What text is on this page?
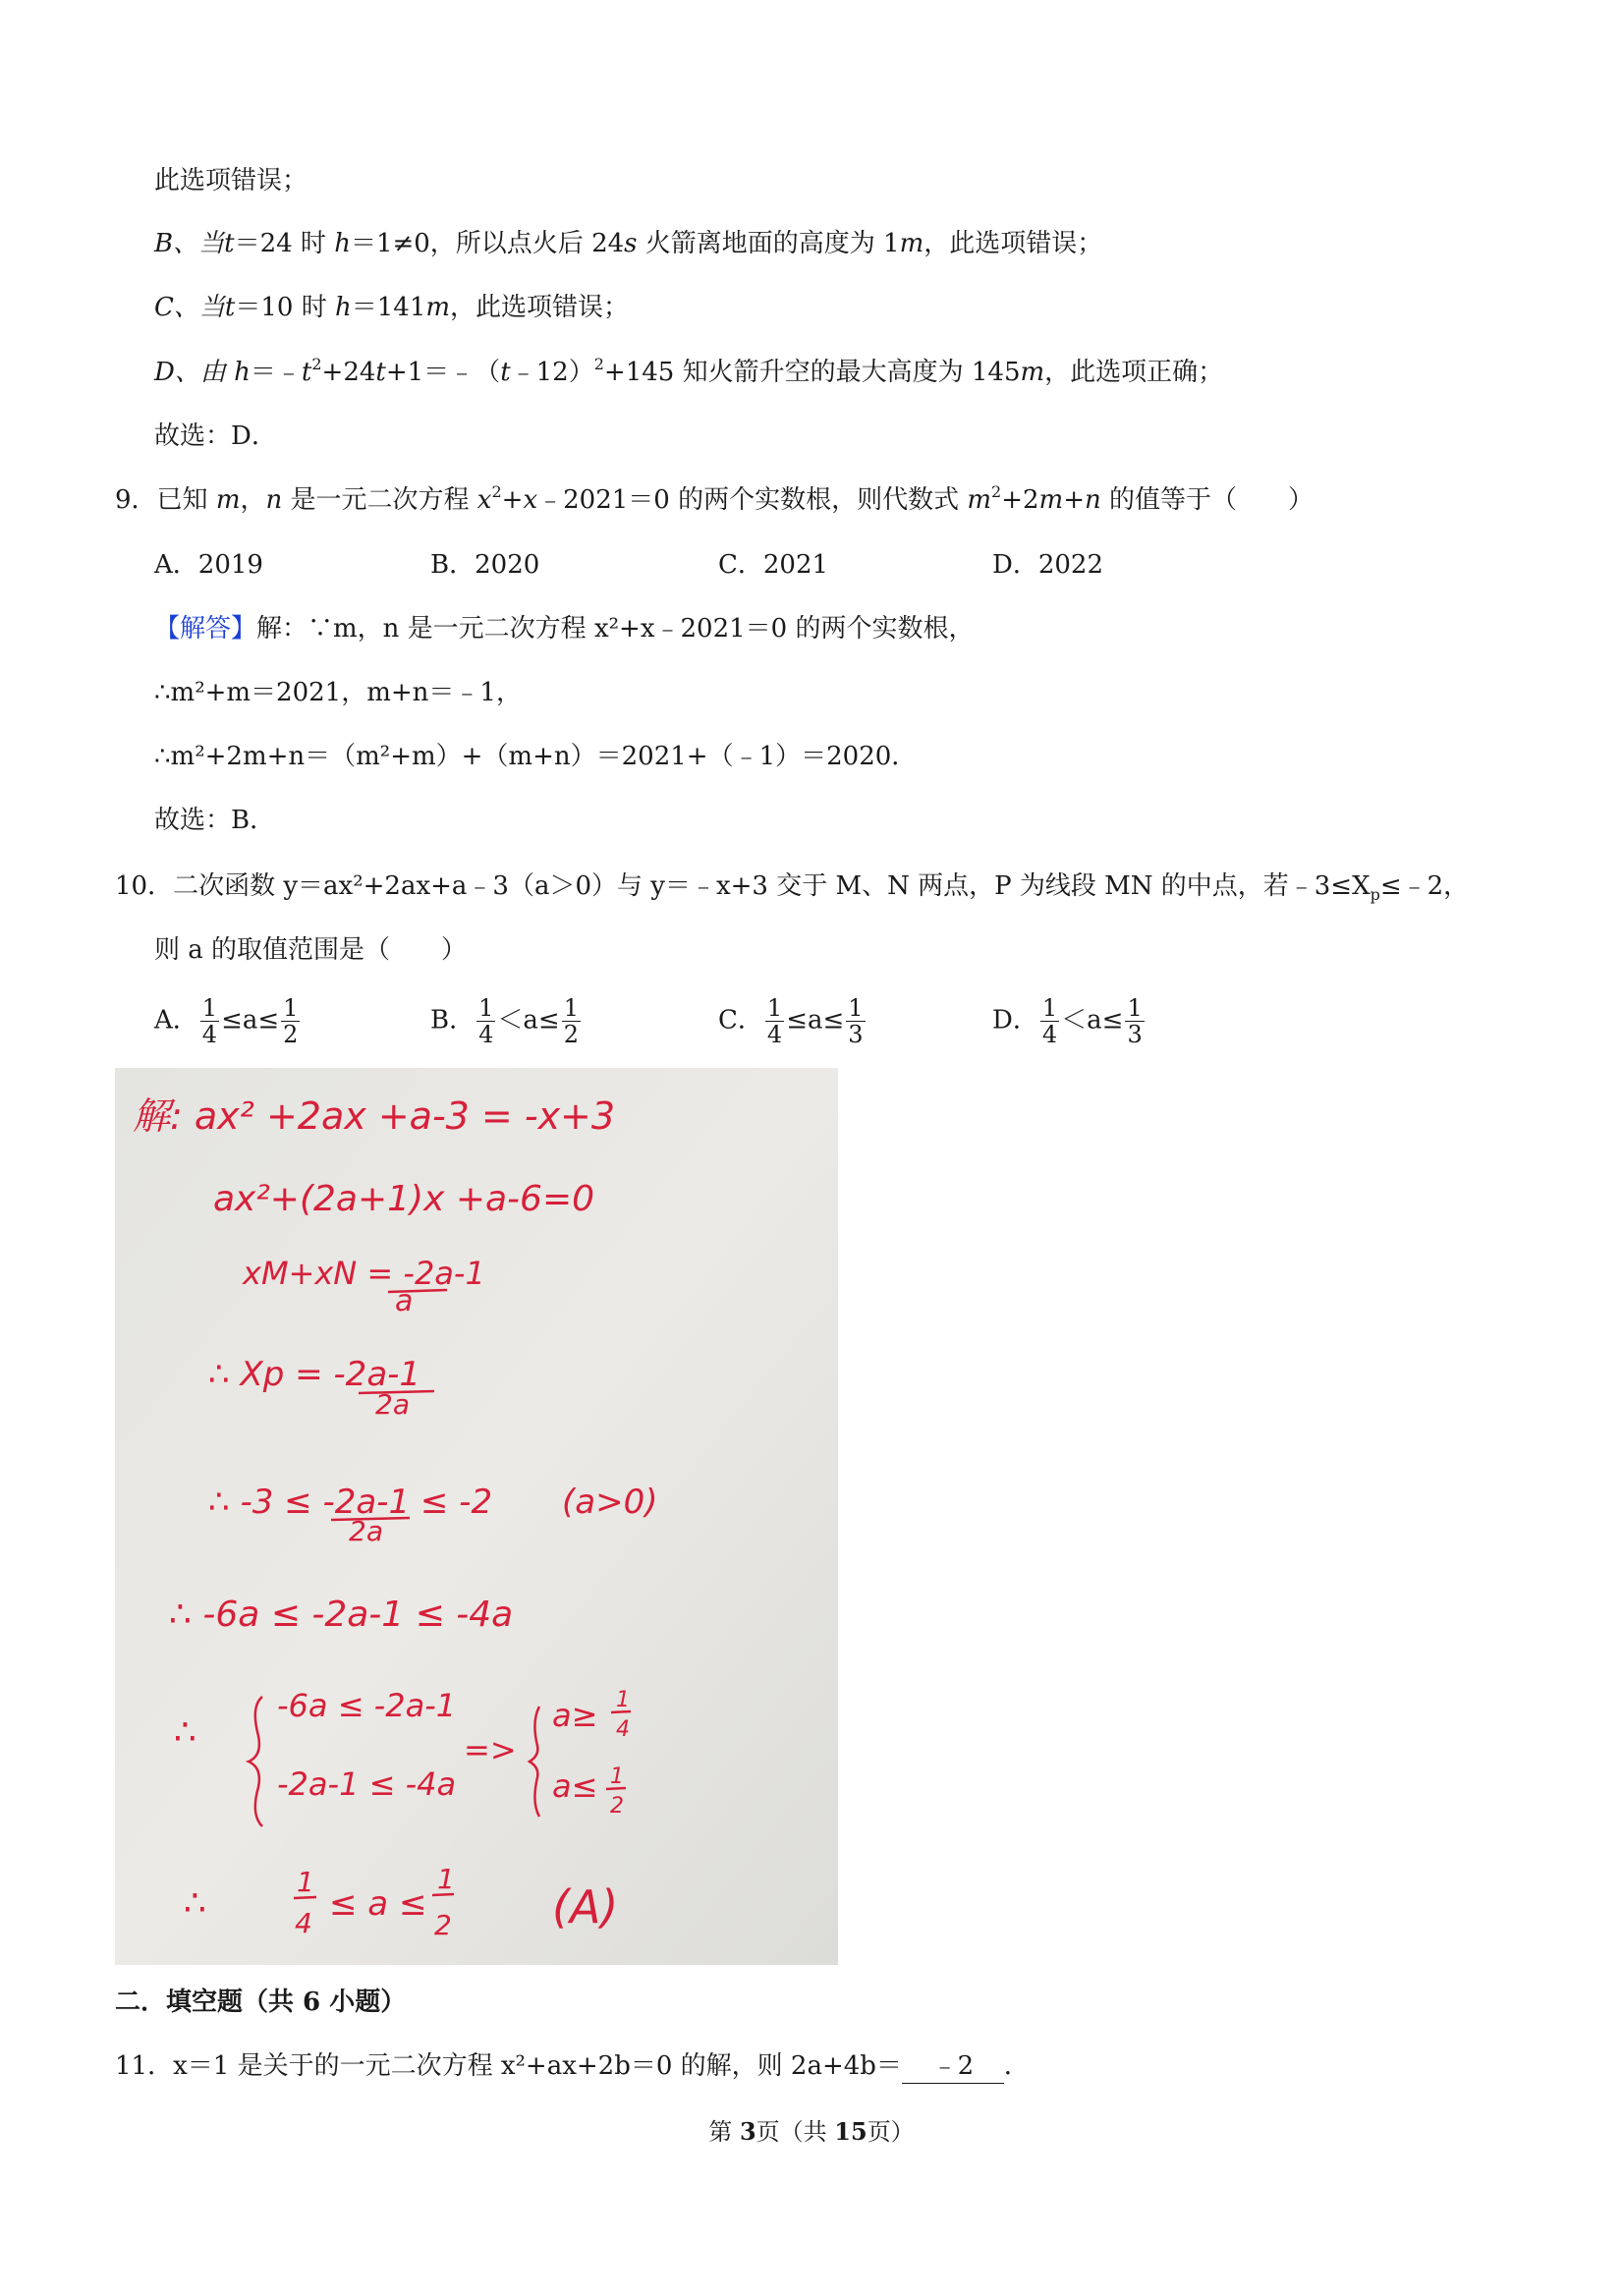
此选项错误；
B、当t＝24 时 h＝1≠0，所以点火后 24s 火箭离地面的高度为 1m，此选项错误；
C、当t＝10 时 h＝141m，此选项错误；
D、由 $h=﹣t^2+24t+1=﹣(t﹣12)^2+145$ 知火箭升空的最大高度为 145m，此选项正确；
故选：D．
9．已知 m，n 是一元二次方程 $x^2+x﹣2021=0$ 的两个实数根，则代数式 $m^2+2m+n$ 的值等于（　　）
A．2019	B．2020	C．2021	D．2022
【解答】解：∵m，n 是一元二次方程 x²+x﹣2021＝0 的两个实数根，
∴m²+m＝2021，m+n＝﹣1，
∴m²+2m+n＝（m²+m）+（m+n）＝2021+（﹣1）＝2020．
故选：B．
10．二次函数 y＝ax²+2ax+a﹣3（a＞0）与 y＝﹣x+3 交于 M、N 两点，P 为线段 MN 的中点，若$﹣3\le X_p\le﹣2$，
则 a 的取值范围是（　　）
A． $\frac{1}{4} \le a\le \frac{1}{2}$	B． $\frac{1}{4} <a\le \frac{1}{2}$	C． $\frac{1}{4} \le a\le \frac{1}{3}$	D． $\frac{1}{4} <a\le \frac{1}{3}$
解: ax² +2ax +a-3 = -x+3
ax²+(2a+1)x +a-6=0
xM+xN = -2a-1
a
∴ Xp = -2a-1
2a
∴ -3 ≤ -2a-1 ≤ -2
2a
(a>0)
∴ -6a ≤ -2a-1 ≤ -4a
∴
-6a ≤ -2a-1
-2a-1 ≤ -4a
=>
a≥
a≤
1
4
1
2
∴
1
4 ≤ a ≤
1
2 (A)
二．填空题（共 6 小题）
11．x＝1 是关于的一元二次方程 x²+ax+2b＝0 的解，则 2a+4b＝ ﹣2 ．
第 3页（共 15页）
